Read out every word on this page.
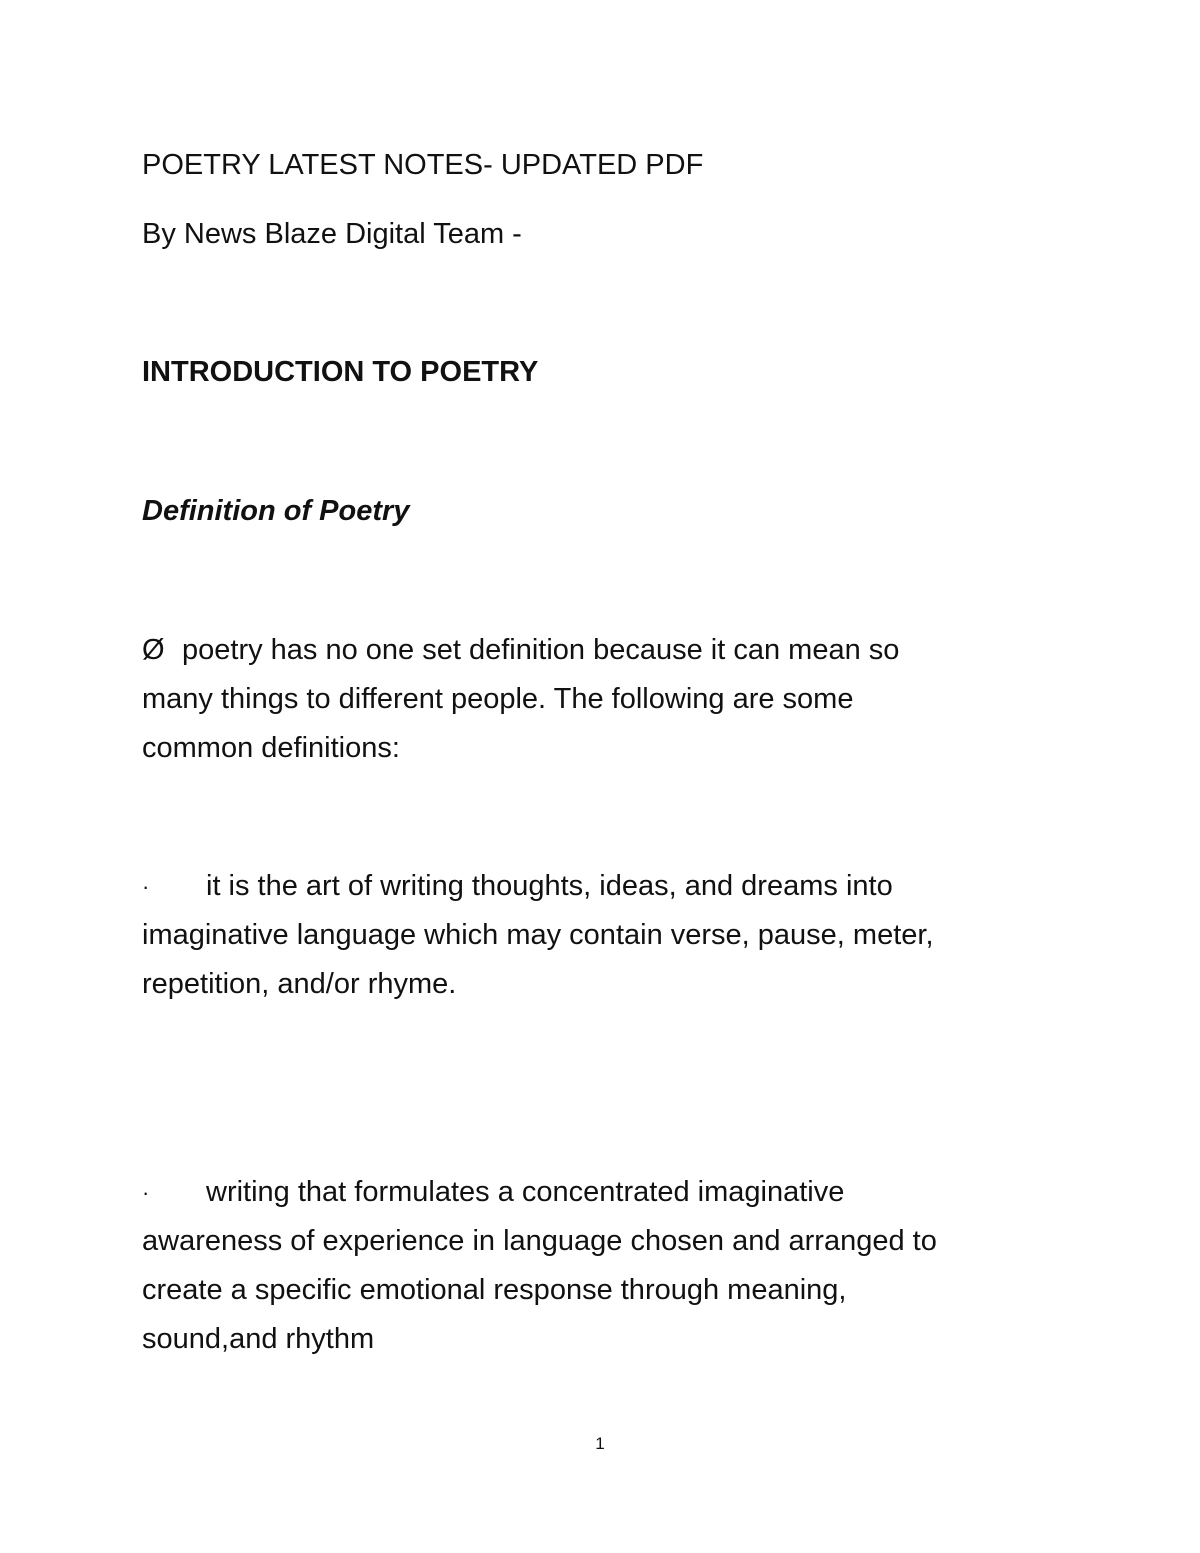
POETRY LATEST NOTES- UPDATED PDF
By News Blaze Digital Team -
INTRODUCTION TO POETRY
Definition of Poetry
Ø poetry has no one set definition because it can mean so
many things to different people. The following are some
common definitions:
· it is the art of writing thoughts, ideas, and dreams into
imaginative language which may contain verse, pause, meter,
repetition, and/or rhyme.
· writing that formulates a concentrated imaginative
awareness of experience in language chosen and arranged to
create a specific emotional response through meaning,
sound,and rhythm
1
